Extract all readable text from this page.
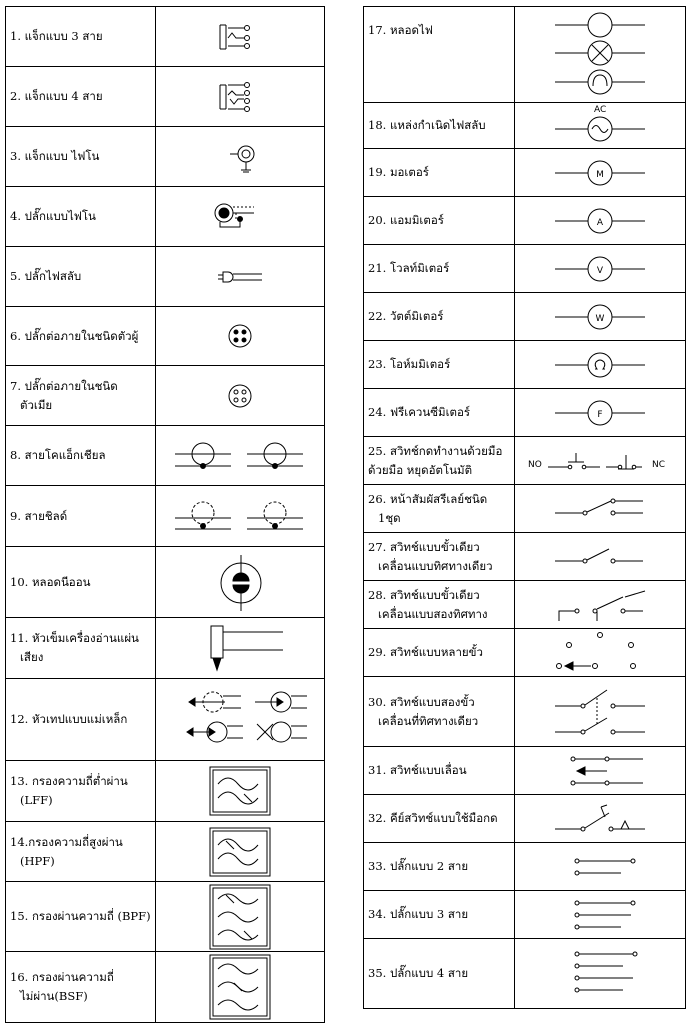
1. แจ็กแบบ 3 สาย

2. แจ็กแบบ 4 สาย

3. แจ็กแบบ ไฟโน

4. ปลั๊กแบบไฟโน

5. ปลั๊กไฟสลับ

6. ปลั๊กต่อภายในชนิดตัวผู้

7. ปลั๊กต่อภายในชนิด
ตัวเมีย

8. สายโคแอ็กเชียล

9. สายชิลด์

10. หลอดนีออน

11. หัวเข็มเครื่องอ่านแผ่น
เสียง

12. หัวเทปแบบแม่เหล็ก

13. กรองความถี่ต่ำผ่าน
(LFF)

14.กรองความถี่สูงผ่าน
(HPF)

15. กรองผ่านความถี่ (BPF)

16. กรองผ่านความถี่
ไม่ผ่าน(BSF)

17. หลอดไฟ

18. แหล่งกำเนิดไฟสลับ	AC

19. มอเตอร์	M

20. แอมมิเตอร์	A

21. โวลท์มิเตอร์	V

22. วัตต์มิเตอร์	W

23. โอห์มมิเตอร์

24. ฟรีเควนซีมิเตอร์	F

25. สวิทช์กดทำงานด้วยมือ
ด้วยมือ หยุดอัตโนมัติ	NO NC

26. หน้าสัมผัสรีเลย์ชนิด
1ชุด

27. สวิทช์แบบขั้วเดียว
เคลื่อนแบบทิศทางเดียว

28. สวิทช์แบบขั้วเดียว
เคลื่อนแบบสองทิศทาง

29. สวิทช์แบบหลายขั้ว

30. สวิทช์แบบสองขั้ว
เคลื่อนที่ทิศทางเดียว

31. สวิทช์แบบเลื่อน

32. คีย์สวิทช์แบบใช้มือกด

33. ปลั๊กแบบ 2 สาย

34. ปลั๊กแบบ 3 สาย

35. ปลั๊กแบบ 4 สาย
